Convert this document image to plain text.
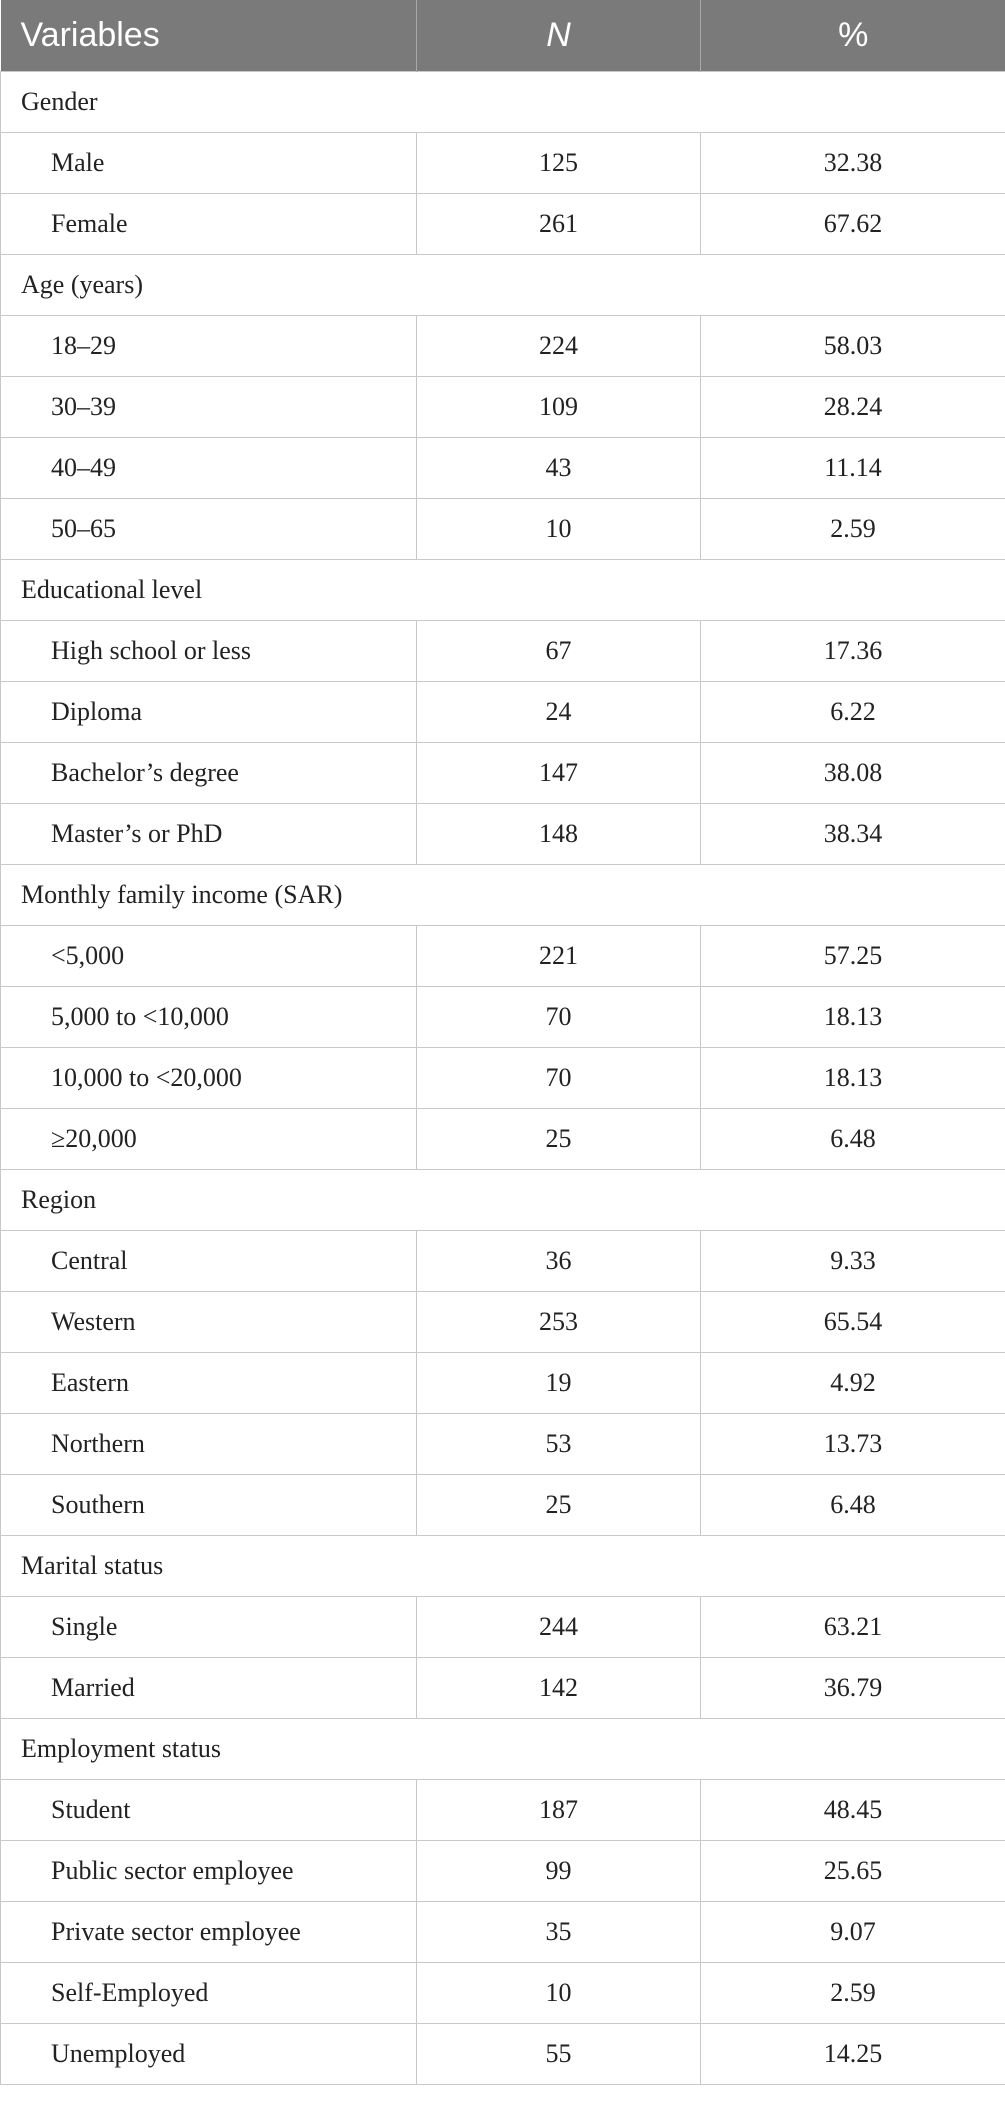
Variables	N	%
Gender		
Male	125	32.38
Female	261	67.62
Age (years)		
18–29	224	58.03
30–39	109	28.24
40–49	43	11.14
50–65	10	2.59
Educational level		
High school or less	67	17.36
Diploma	24	6.22
Bachelor’s degree	147	38.08
Master’s or PhD	148	38.34
Monthly family income (SAR)		
<5,000	221	57.25
5,000 to <10,000	70	18.13
10,000 to <20,000	70	18.13
≥20,000	25	6.48
Region		
Central	36	9.33
Western	253	65.54
Eastern	19	4.92
Northern	53	13.73
Southern	25	6.48
Marital status		
Single	244	63.21
Married	142	36.79
Employment status		
Student	187	48.45
Public sector employee	99	25.65
Private sector employee	35	9.07
Self-Employed	10	2.59
Unemployed	55	14.25
